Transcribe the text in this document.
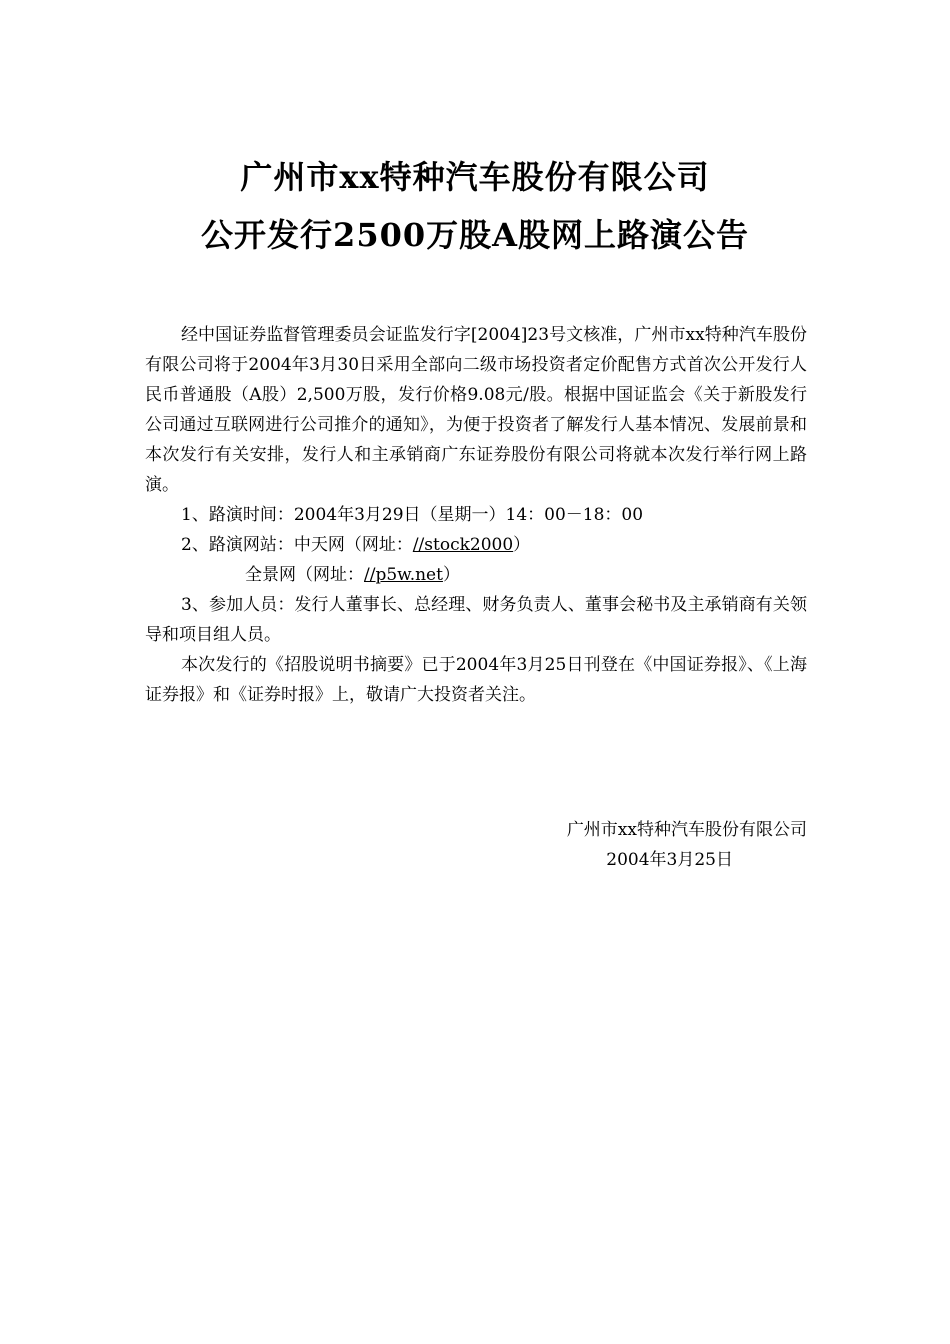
广州市xx特种汽车股份有限公司
公开发行2500万股A股网上路演公告

经中国证券监督管理委员会证监发行字[2004]23号文核准，广州市xx特种汽车股份有限公司将于2004年3月30日采用全部向二级市场投资者定价配售方式首次公开发行人民币普通股（A股）2,500万股，发行价格9.08元/股。根据中国证监会《关于新股发行公司通过互联网进行公司推介的通知》，为便于投资者了解发行人基本情况、发展前景和本次发行有关安排，发行人和主承销商广东证券股份有限公司将就本次发行举行网上路演。

1、路演时间：2004年3月29日（星期一）14：00－18：00

2、路演网站：中天网（网址：//stock2000）

全景网（网址：//p5w.net）

3、参加人员：发行人董事长、总经理、财务负责人、董事会秘书及主承销商有关领导和项目组人员。

本次发行的《招股说明书摘要》已于2004年3月25日刊登在《中国证券报》、《上海证券报》和《证券时报》上，敬请广大投资者关注。

广州市xx特种汽车股份有限公司
2004年3月25日
